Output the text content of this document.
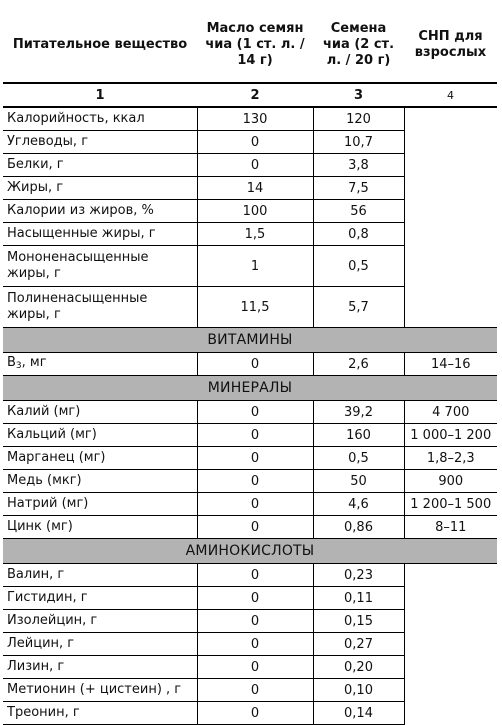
Питательное вещество	Масло семян чиа (1 ст. л. / 14 г)	Семена чиа (2 ст. л. / 20 г)	СНП для взрослых
1	2	3	4
Калорийность, ккал	130	120	
Углеводы, г	0	10,7	
Белки, г	0	3,8	
Жиры, г	14	7,5	
Калории из жиров, %	100	56	
Насыщенные жиры, г	1,5	0,8	
Мононенасыщенные жиры, г	1	0,5	
Полиненасыщенные жиры, г	11,5	5,7	
ВИТАМИНЫ			
$B_3$, мг	0	2,6	14–16
МИНЕРАЛЫ			
Калий (мг)	0	39,2	4 700
Кальций (мг)	0	160	1 000–1 200
Марганец (мг)	0	0,5	1,8–2,3
Медь (мкг)	0	50	900
Натрий (мг)	0	4,6	1 200–1 500
Цинк (мг)	0	0,86	8–11
АМИНОКИСЛОТЫ			
Валин, г	0	0,23	
Гистидин, г	0	0,11	
Изолейцин, г	0	0,15	
Лейцин, г	0	0,27	
Лизин, г	0	0,20	
Метионин (+ цистеин) , г	0	0,10	
Треонин, г	0	0,14	
